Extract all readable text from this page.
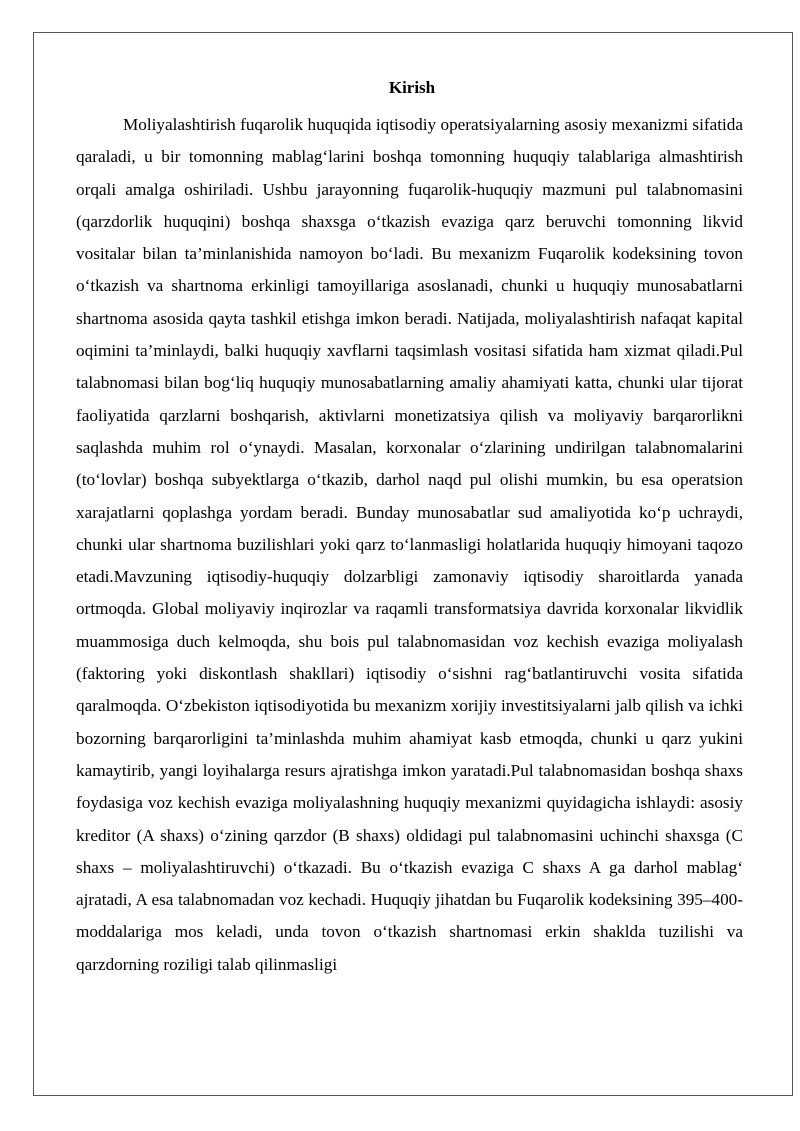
Kirish

Moliyalashtirish fuqarolik huquqida iqtisodiy operatsiyalarning asosiy mexanizmi sifatida qaraladi, u bir tomonning mablag‘larini boshqa tomonning huquqiy talablariga almashtirish orqali amalga oshiriladi. Ushbu jarayonning fuqarolik-huquqiy mazmuni pul talabnomasini (qarzdorlik huquqini) boshqa shaxsga o‘tkazish evaziga qarz beruvchi tomonning likvid vositalar bilan ta’minlanishida namoyon bo‘ladi. Bu mexanizm Fuqarolik kodeksining tovon o‘tkazish va shartnoma erkinligi tamoyillariga asoslanadi, chunki u huquqiy munosabatlarni shartnoma asosida qayta tashkil etishga imkon beradi. Natijada, moliyalashtirish nafaqat kapital oqimini ta’minlaydi, balki huquqiy xavflarni taqsimlash vositasi sifatida ham xizmat qiladi.Pul talabnomasi bilan bog‘liq huquqiy munosabatlarning amaliy ahamiyati katta, chunki ular tijorat faoliyatida qarzlarni boshqarish, aktivlarni monetizatsiya qilish va moliyaviy barqarorlikni saqlashda muhim rol o‘ynaydi. Masalan, korxonalar o‘zlarining undirilgan talabnomalarini (to‘lovlar) boshqa subyektlarga o‘tkazib, darhol naqd pul olishi mumkin, bu esa operatsion xarajatlarni qoplashga yordam beradi. Bunday munosabatlar sud amaliyotida ko‘p uchraydi, chunki ular shartnoma buzilishlari yoki qarz to‘lanmasligi holatlarida huquqiy himoyani taqozo etadi.Mavzuning iqtisodiy-huquqiy dolzarbligi zamonaviy iqtisodiy sharoitlarda yanada ortmoqda. Global moliyaviy inqirozlar va raqamli transformatsiya davrida korxonalar likvidlik muammosiga duch kelmoqda, shu bois pul talabnomasidan voz kechish evaziga moliyalash (faktoring yoki diskontlash shakllari) iqtisodiy o‘sishni rag‘batlantiruvchi vosita sifatida qaralmoqda. O‘zbekiston iqtisodiyotida bu mexanizm xorijiy investitsiyalarni jalb qilish va ichki bozorning barqarorligini ta’minlashda muhim ahamiyat kasb etmoqda, chunki u qarz yukini kamaytirib, yangi loyihalarga resurs ajratishga imkon yaratadi.Pul talabnomasidan boshqa shaxs foydasiga voz kechish evaziga moliyalashning huquqiy mexanizmi quyidagicha ishlaydi: asosiy kreditor (A shaxs) o‘zining qarzdor (B shaxs) oldidagi pul talabnomasini uchinchi shaxsga (C shaxs – moliyalashtiruvchi) o‘tkazadi. Bu o‘tkazish evaziga C shaxs A ga darhol mablag‘ ajratadi, A esa talabnomadan voz kechadi. Huquqiy jihatdan bu Fuqarolik kodeksining 395–400-moddalariga mos keladi, unda tovon o‘tkazish shartnomasi erkin shaklda tuzilishi va qarzdorning roziligi talab qilinmasligi
